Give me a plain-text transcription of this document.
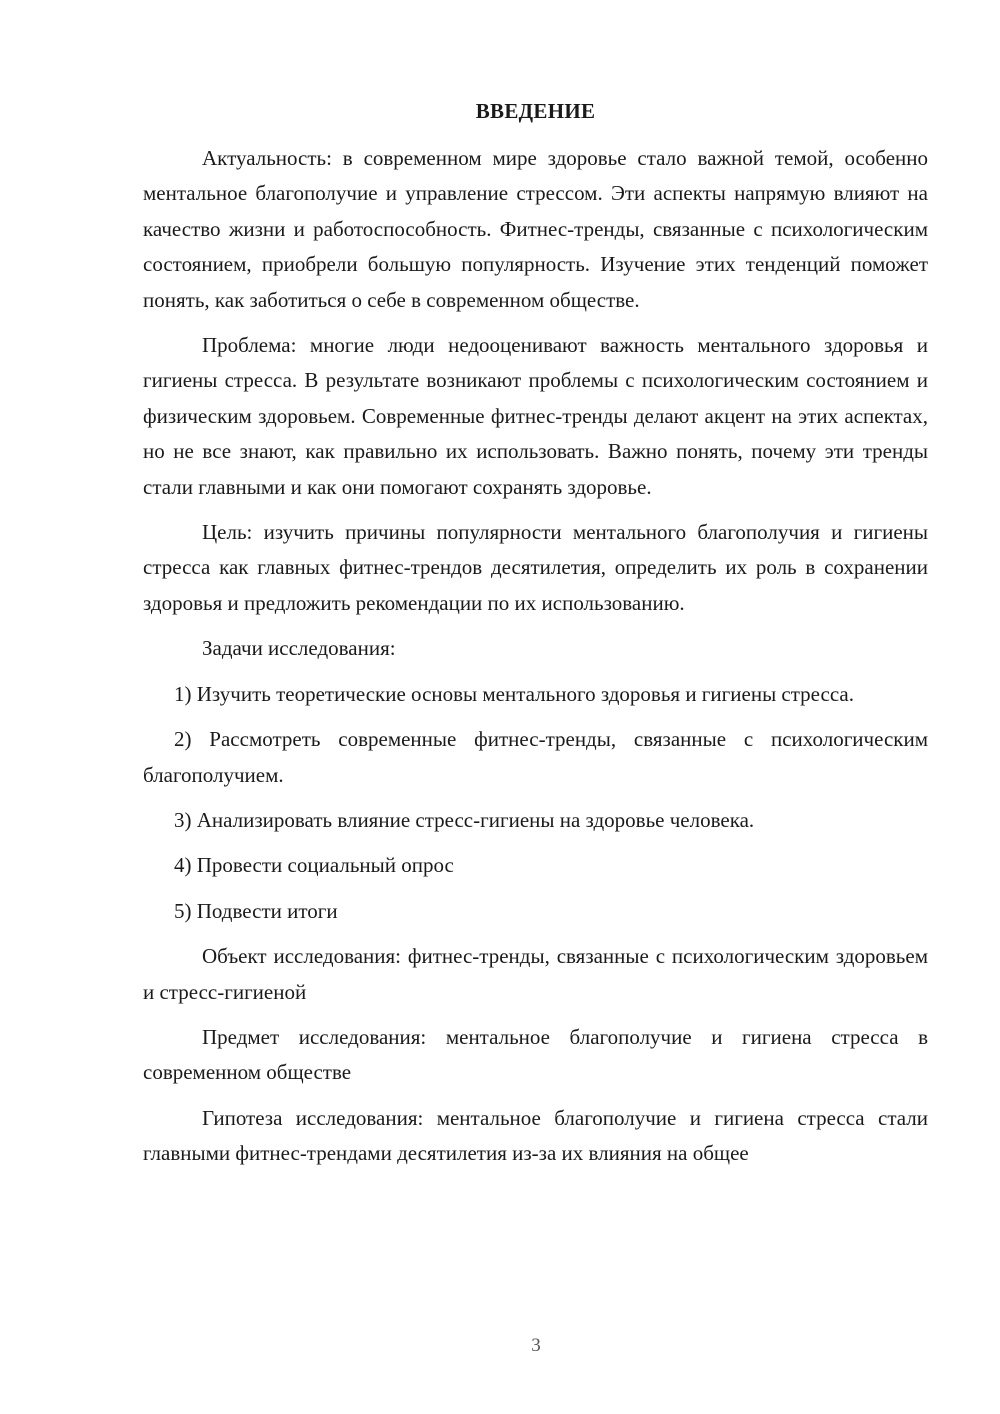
ВВЕДЕНИЕ

Актуальность: в современном мире здоровье стало важной темой, особенно ментальное благополучие и управление стрессом. Эти аспекты напрямую влияют на качество жизни и работоспособность. Фитнес-тренды, связанные с психологическим состоянием, приобрели большую популярность. Изучение этих тенденций поможет понять, как заботиться о себе в современном обществе.

Проблема: многие люди недооценивают важность ментального здоровья и гигиены стресса. В результате возникают проблемы с психологическим состоянием и физическим здоровьем. Современные фитнес-тренды делают акцент на этих аспектах, но не все знают, как правильно их использовать. Важно понять, почему эти тренды стали главными и как они помогают сохранять здоровье.

Цель: изучить причины популярности ментального благополучия и гигиены стресса как главных фитнес-трендов десятилетия, определить их роль в сохранении здоровья и предложить рекомендации по их использованию.

Задачи исследования:

1) Изучить теоретические основы ментального здоровья и гигиены стресса.

2) Рассмотреть современные фитнес-тренды, связанные с психологическим благополучием.

3) Анализировать влияние стресс-гигиены на здоровье человека.

4) Провести социальный опрос

5) Подвести итоги

Объект исследования: фитнес-тренды, связанные с психологическим здоровьем и стресс-гигиеной

Предмет исследования: ментальное благополучие и гигиена стресса в современном обществе

Гипотеза исследования: ментальное благополучие и гигиена стресса стали главными фитнес-трендами десятилетия из-за их влияния на общее

3
